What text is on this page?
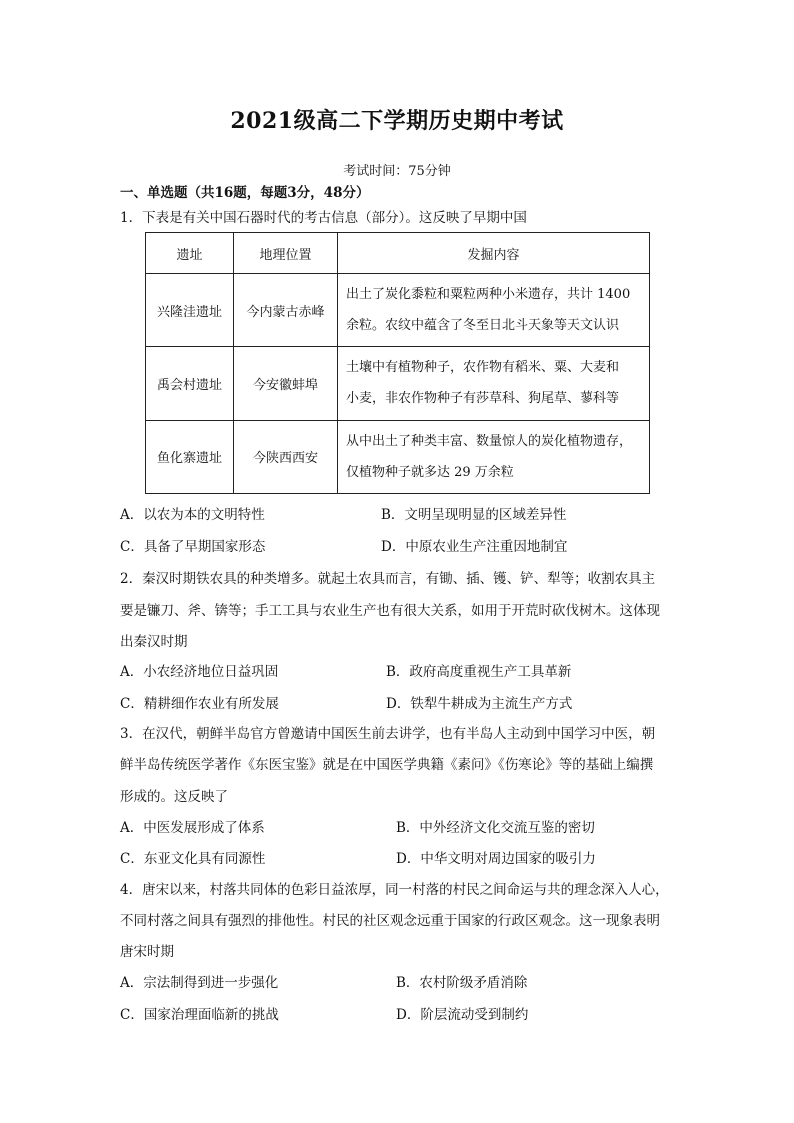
2021级高二下学期历史期中考试
考试时间：75分钟
一、单选题（共16题，每题3分，48分）
1．下表是有关中国石器时代的考古信息（部分）。这反映了早期中国
遗址	地理位置	发掘内容
兴隆洼遗址	今内蒙古赤峰	出土了炭化黍粒和粟粒两种小米遗存，共计 1400
余粒。农纹中蕴含了冬至日北斗天象等天文认识

禹会村遗址	今安徽蚌埠	土壤中有植物种子，农作物有稻米、粟、大麦和
小麦，非农作物种子有莎草科、狗尾草、蓼科等

鱼化寨遗址	今陕西西安	从中出土了种类丰富、数量惊人的炭化植物遗存，
仅植物种子就多达 29 万余粒
A．以农为本的文明特性	B．文明呈现明显的区域差异性
C．具备了早期国家形态	D．中原农业生产注重因地制宜
2．秦汉时期铁农具的种类增多。就起土农具而言，有锄、插、镬、铲、犁等；收割农具主
要是镰刀、斧、锛等；手工工具与农业生产也有很大关系，如用于开荒时砍伐树木。这体现
出秦汉时期
A．小农经济地位日益巩固	B．政府高度重视生产工具革新
C．精耕细作农业有所发展	D．铁犁牛耕成为主流生产方式
3．在汉代，朝鲜半岛官方曾邀请中国医生前去讲学，也有半岛人主动到中国学习中医，朝
鲜半岛传统医学著作《东医宝鉴》就是在中国医学典籍《素问》《伤寒论》等的基础上编撰
形成的。这反映了
A．中医发展形成了体系	B．中外经济文化交流互鉴的密切
C．东亚文化具有同源性	D．中华文明对周边国家的吸引力
4．唐宋以来，村落共同体的色彩日益浓厚，同一村落的村民之间命运与共的理念深入人心，
不同村落之间具有强烈的排他性。村民的社区观念远重于国家的行政区观念。这一现象表明
唐宋时期
A．宗法制得到进一步强化	B．农村阶级矛盾消除
C．国家治理面临新的挑战	D．阶层流动受到制约
